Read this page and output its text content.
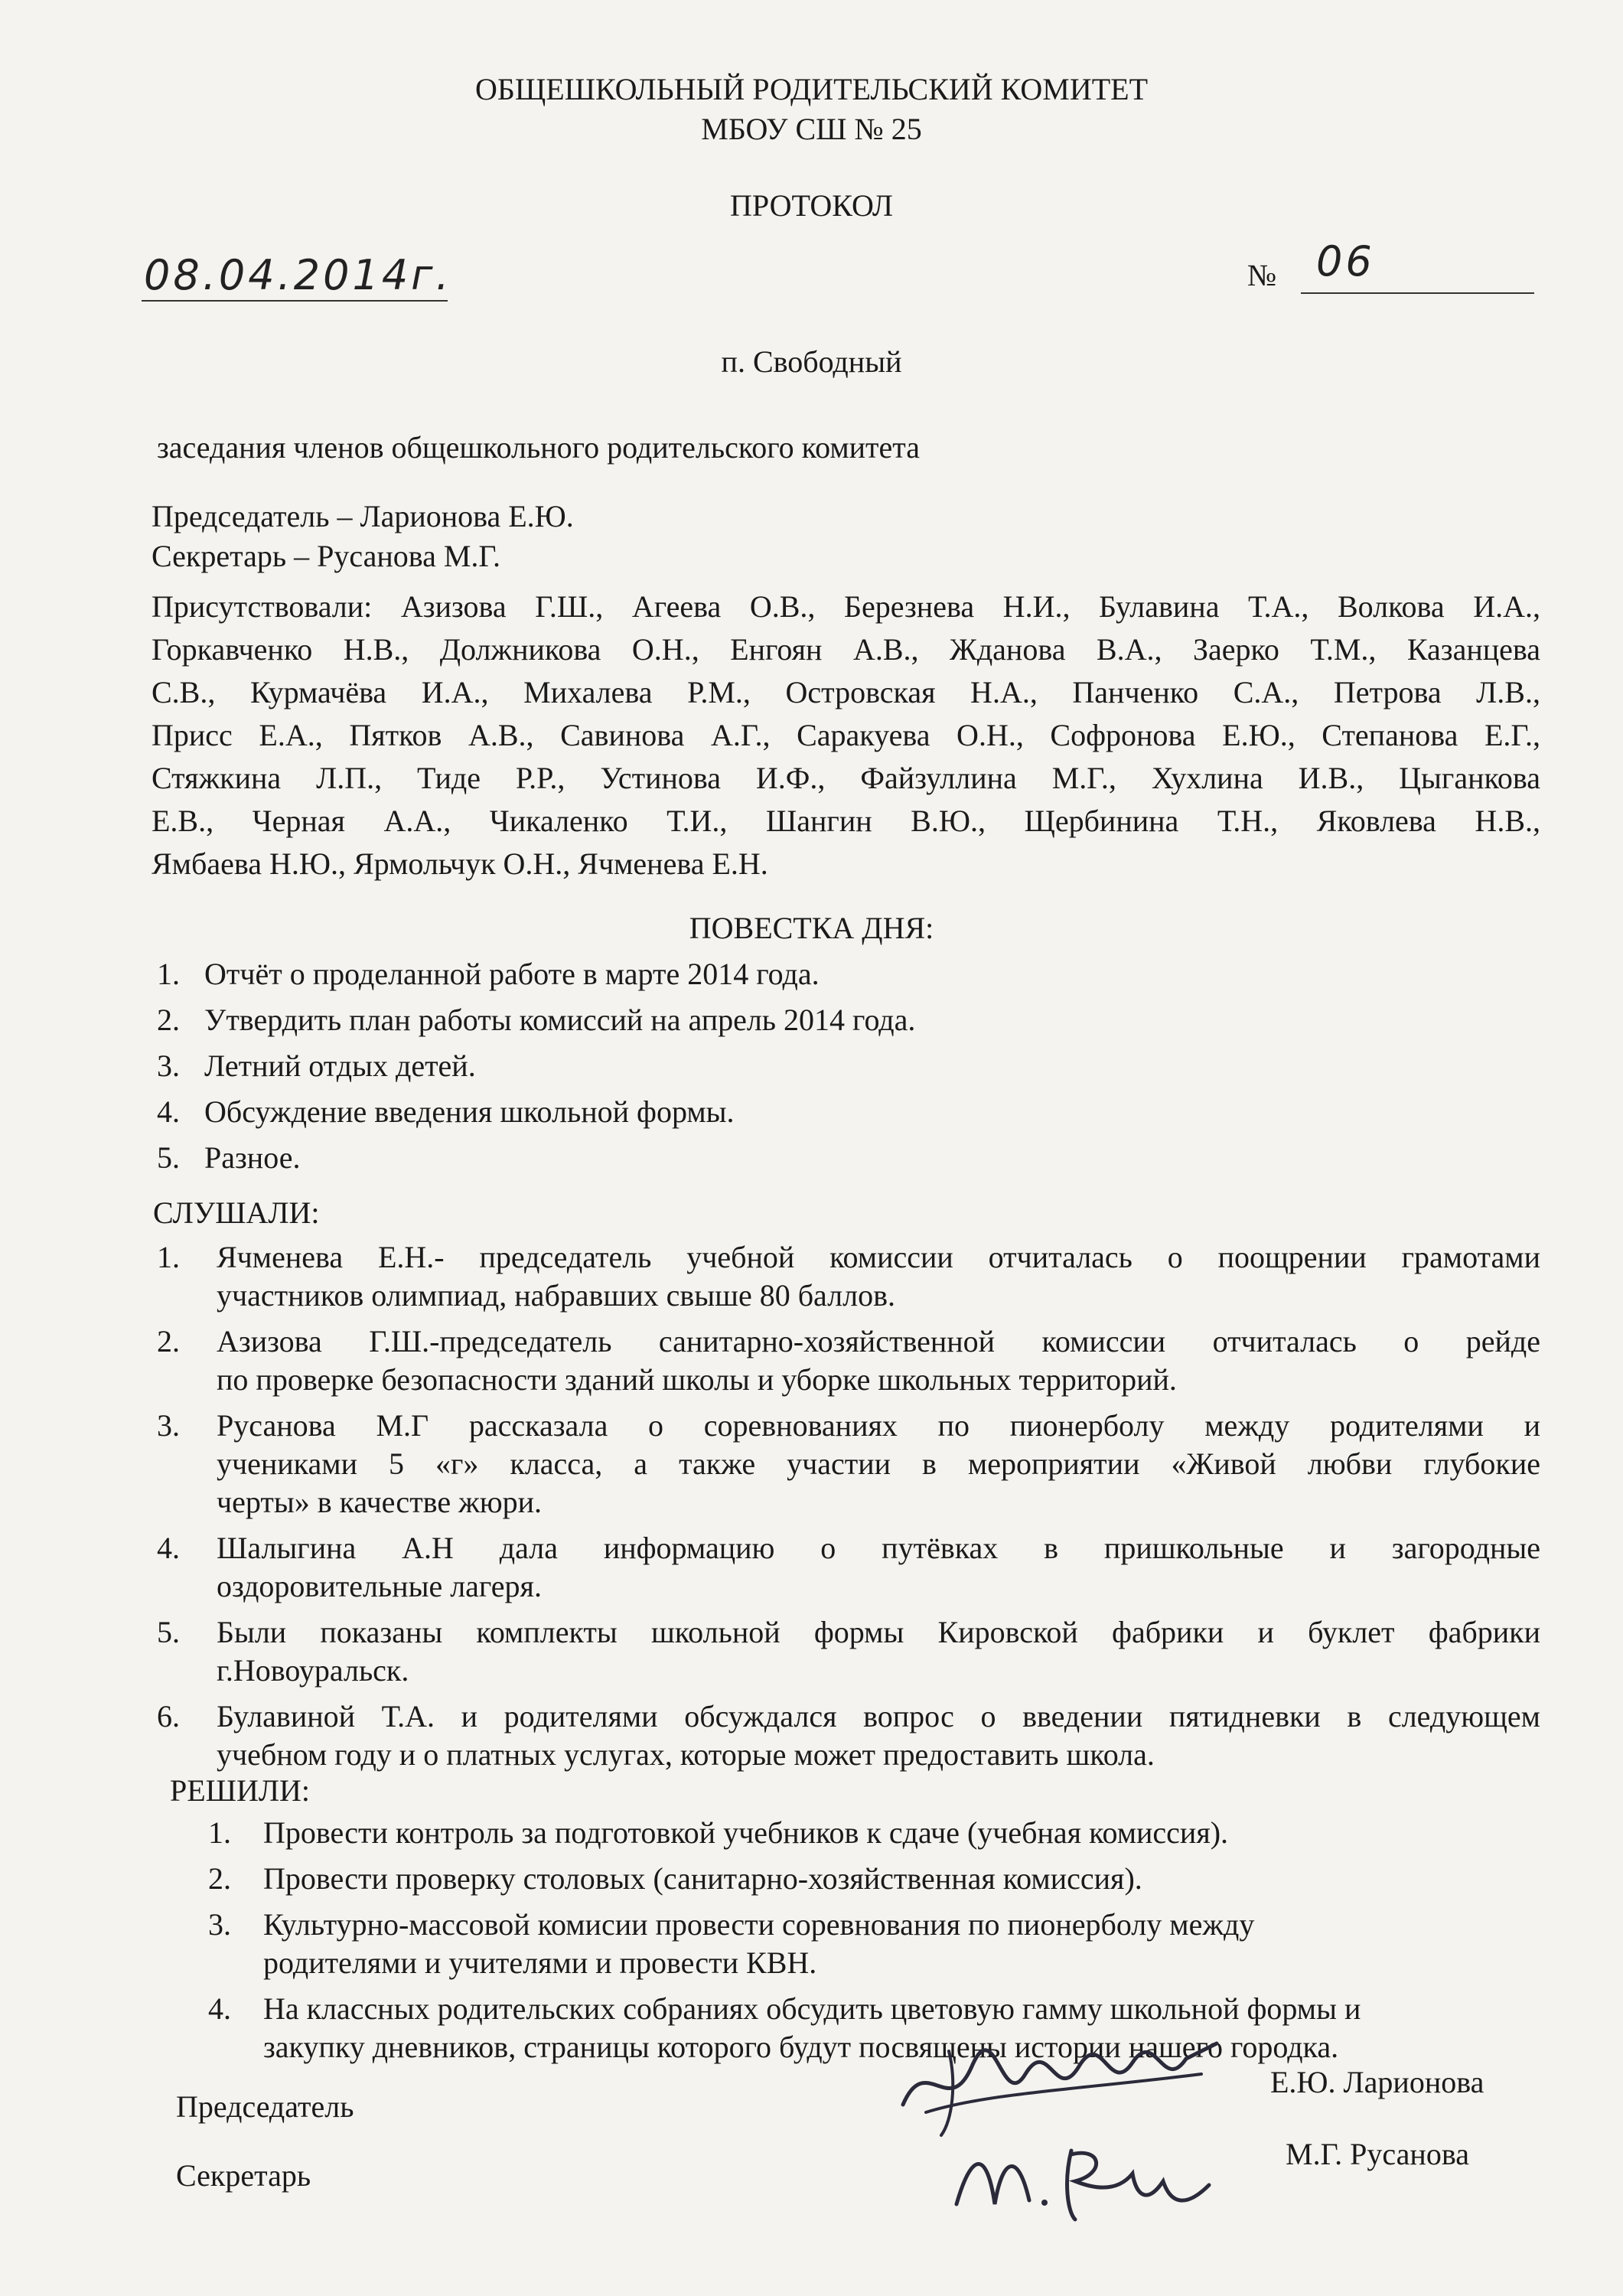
ОБЩЕШКОЛЬНЫЙ РОДИТЕЛЬСКИЙ КОМИТЕТ
МБОУ СШ № 25
ПРОТОКОЛ
08.04.2014г.	№ 06
п. Свободный
заседания членов общешкольного родительского комитета
Председатель – Ларионова Е.Ю.
Секретарь – Русанова М.Г.
Присутствовали: Азизова Г.Ш., Агеева О.В., Березнева Н.И., Булавина Т.А., Волкова И.А.,
Горкавченко Н.В., Должникова О.Н., Енгоян А.В., Жданова В.А., Заерко Т.М., Казанцева
С.В., Курмачёва И.А., Михалева Р.М., Островская Н.А., Панченко С.А., Петрова Л.В.,
Присс Е.А., Пятков А.В., Савинова А.Г., Саракуева О.Н., Софронова Е.Ю., Степанова Е.Г.,
Стяжкина Л.П., Тиде Р.Р., Устинова И.Ф., Файзуллина М.Г., Хухлина И.В., Цыганкова
Е.В., Черная А.А., Чикаленко Т.И., Шангин В.Ю., Щербинина Т.Н., Яковлева Н.В.,
Ямбаева Н.Ю., Ярмольчук О.Н., Ячменева Е.Н.
ПОВЕСТКА ДНЯ:
1. Отчёт о проделанной работе в марте 2014 года.
2. Утвердить план работы комиссий на апрель 2014 года.
3. Летний отдых детей.
4. Обсуждение введения школьной формы.
5. Разное.
СЛУШАЛИ:
1. Ячменева Е.Н.- председатель учебной комиссии отчиталась о поощрении грамотами
участников олимпиад, набравших свыше 80 баллов.
2. Азизова Г.Ш.-председатель санитарно-хозяйственной комиссии отчиталась о рейде
по проверке безопасности зданий школы и уборке школьных территорий.
3. Русанова М.Г рассказала о соревнованиях по пионерболу между родителями и
учениками 5 «г» класса, а также участии в мероприятии «Живой любви глубокие
черты» в качестве жюри.
4. Шалыгина А.Н дала информацию о путёвках в пришкольные и загородные
оздоровительные лагеря.
5. Были показаны комплекты школьной формы Кировской фабрики и буклет фабрики
г.Новоуральск.
6. Булавиной Т.А. и родителями обсуждался вопрос о введении пятидневки в следующем
учебном году и о платных услугах, которые может предоставить школа.
РЕШИЛИ:
1. Провести контроль за подготовкой учебников к сдаче (учебная комиссия).
2. Провести проверку столовых (санитарно-хозяйственная комиссия).
3. Культурно-массовой комисии провести соревнования по пионерболу между
родителями и учителями и провести КВН.
4. На классных родительских собраниях обсудить цветовую гамму школьной формы и
закупку дневников, страницы которого будут посвящены истории нашего городка.
Председатель
Е.Ю. Ларионова
Секретарь
М.Г. Русанова
